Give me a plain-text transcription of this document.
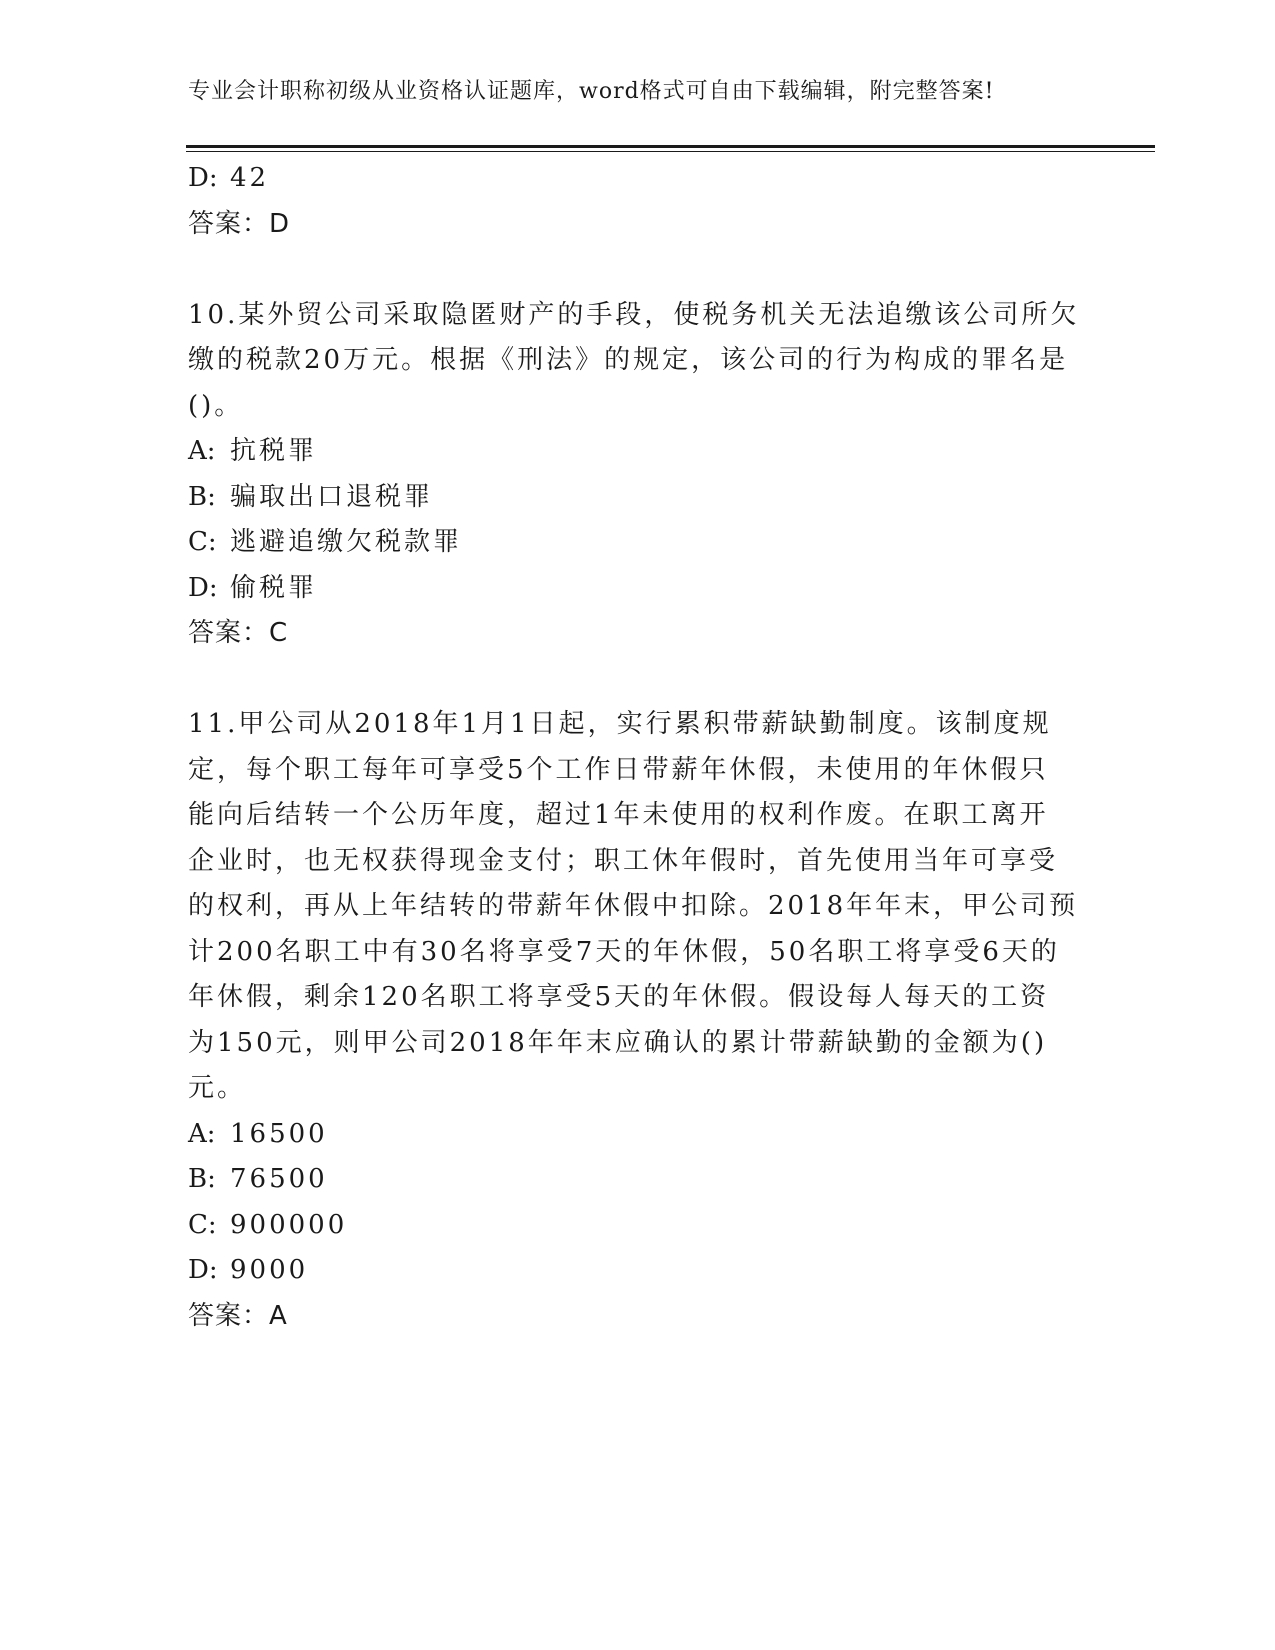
专业会计职称初级从业资格认证题库，word格式可自由下载编辑，附完整答案!
D: 42
答案：D
10.某外贸公司采取隐匿财产的手段，使税务机关无法追缴该公司所欠
缴的税款20万元。根据《刑法》的规定，该公司的行为构成的罪名是
()。
A: 抗税罪
B: 骗取出口退税罪
C: 逃避追缴欠税款罪
D: 偷税罪
答案：C
11.甲公司从2018年1月1日起，实行累积带薪缺勤制度。该制度规
定，每个职工每年可享受5个工作日带薪年休假，未使用的年休假只
能向后结转一个公历年度，超过1年未使用的权利作废。在职工离开
企业时，也无权获得现金支付；职工休年假时，首先使用当年可享受
的权利，再从上年结转的带薪年休假中扣除。2018年年末，甲公司预
计200名职工中有30名将享受7天的年休假，50名职工将享受6天的
年休假，剩余120名职工将享受5天的年休假。假设每人每天的工资
为150元，则甲公司2018年年末应确认的累计带薪缺勤的金额为()
元。
A: 16500
B: 76500
C: 900000
D: 9000
答案：A
